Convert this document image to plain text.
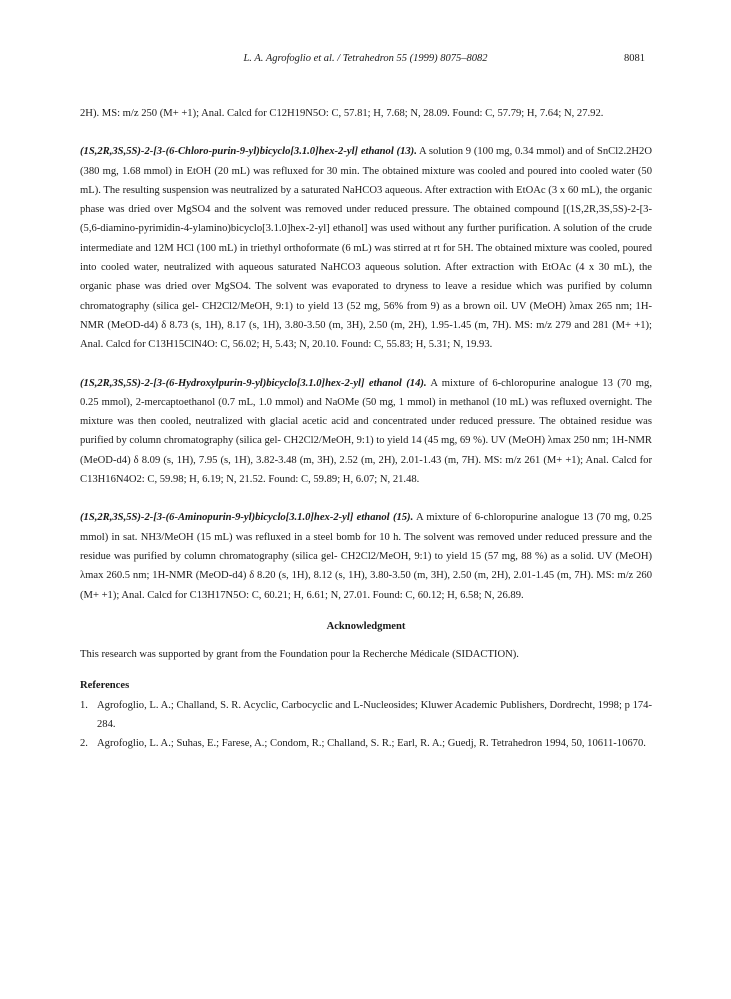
L. A. Agrofoglio et al. / Tetrahedron 55 (1999) 8075–8082	8081

2H). MS: m/z 250 (M+ +1); Anal. Calcd for C12H19N5O: C, 57.81; H, 7.68; N, 28.09. Found: C, 57.79; H, 7.64; N, 27.92.

(1S,2R,3S,5S)-2-[3-(6-Chloro-purin-9-yl)bicyclo[3.1.0]hex-2-yl] ethanol (13). A solution 9 (100 mg, 0.34 mmol) and of SnCl2.2H2O (380 mg, 1.68 mmol) in EtOH (20 mL) was refluxed for 30 min. The obtained mixture was cooled and poured into cooled water (50 mL). The resulting suspension was neutralized by a saturated NaHCO3 aqueous. After extraction with EtOAc (3 x 60 mL), the organic phase was dried over MgSO4 and the solvent was removed under reduced pressure. The obtained compound [(1S,2R,3S,5S)-2-[3-(5,6-diamino-pyrimidin-4-ylamino)bicyclo[3.1.0]hex-2-yl] ethanol] was used without any further purification. A solution of the crude intermediate and 12M HCl (100 mL) in triethyl orthoformate (6 mL) was stirred at rt for 5H. The obtained mixture was cooled, poured into cooled water, neutralized with aqueous saturated NaHCO3 aqueous solution. After extraction with EtOAc (4 x 30 mL), the organic phase was dried over MgSO4. The solvent was evaporated to dryness to leave a residue which was purified by column chromatography (silica gel- CH2Cl2/MeOH, 9:1) to yield 13 (52 mg, 56% from 9) as a brown oil. UV (MeOH) λmax 265 nm; 1H-NMR (MeOD-d4) δ 8.73 (s, 1H), 8.17 (s, 1H), 3.80-3.50 (m, 3H), 2.50 (m, 2H), 1.95-1.45 (m, 7H). MS: m/z 279 and 281 (M+ +1); Anal. Calcd for C13H15ClN4O: C, 56.02; H, 5.43; N, 20.10. Found: C, 55.83; H, 5.31; N, 19.93.

(1S,2R,3S,5S)-2-[3-(6-Hydroxylpurin-9-yl)bicyclo[3.1.0]hex-2-yl] ethanol (14). A mixture of 6-chloropurine analogue 13 (70 mg, 0.25 mmol), 2-mercaptoethanol (0.7 mL, 1.0 mmol) and NaOMe (50 mg, 1 mmol) in methanol (10 mL) was refluxed overnight. The mixture was then cooled, neutralized with glacial acetic acid and concentrated under reduced pressure. The obtained residue was purified by column chromatography (silica gel- CH2Cl2/MeOH, 9:1) to yield 14 (45 mg, 69 %). UV (MeOH) λmax 250 nm; 1H-NMR (MeOD-d4) δ 8.09 (s, 1H), 7.95 (s, 1H), 3.82-3.48 (m, 3H), 2.52 (m, 2H), 2.01-1.43 (m, 7H). MS: m/z 261 (M+ +1); Anal. Calcd for C13H16N4O2: C, 59.98; H, 6.19; N, 21.52. Found: C, 59.89; H, 6.07; N, 21.48.

(1S,2R,3S,5S)-2-[3-(6-Aminopurin-9-yl)bicyclo[3.1.0]hex-2-yl] ethanol (15). A mixture of 6-chloropurine analogue 13 (70 mg, 0.25 mmol) in sat. NH3/MeOH (15 mL) was refluxed in a steel bomb for 10 h. The solvent was removed under reduced pressure and the residue was purified by column chromatography (silica gel- CH2Cl2/MeOH, 9:1) to yield 15 (57 mg, 88 %) as a solid. UV (MeOH) λmax 260.5 nm; 1H-NMR (MeOD-d4) δ 8.20 (s, 1H), 8.12 (s, 1H), 3.80-3.50 (m, 3H), 2.50 (m, 2H), 2.01-1.45 (m, 7H). MS: m/z 260 (M+ +1); Anal. Calcd for C13H17N5O: C, 60.21; H, 6.61; N, 27.01. Found: C, 60.12; H, 6.58; N, 26.89.

Acknowledgment

This research was supported by grant from the Foundation pour la Recherche Médicale (SIDACTION).

References
1. Agrofoglio, L. A.; Challand, S. R. Acyclic, Carbocyclic and L-Nucleosides; Kluwer Academic Publishers, Dordrecht, 1998; p 174-284.
2. Agrofoglio, L. A.; Suhas, E.; Farese, A.; Condom, R.; Challand, S. R.; Earl, R. A.; Guedj, R. Tetrahedron 1994, 50, 10611-10670.
